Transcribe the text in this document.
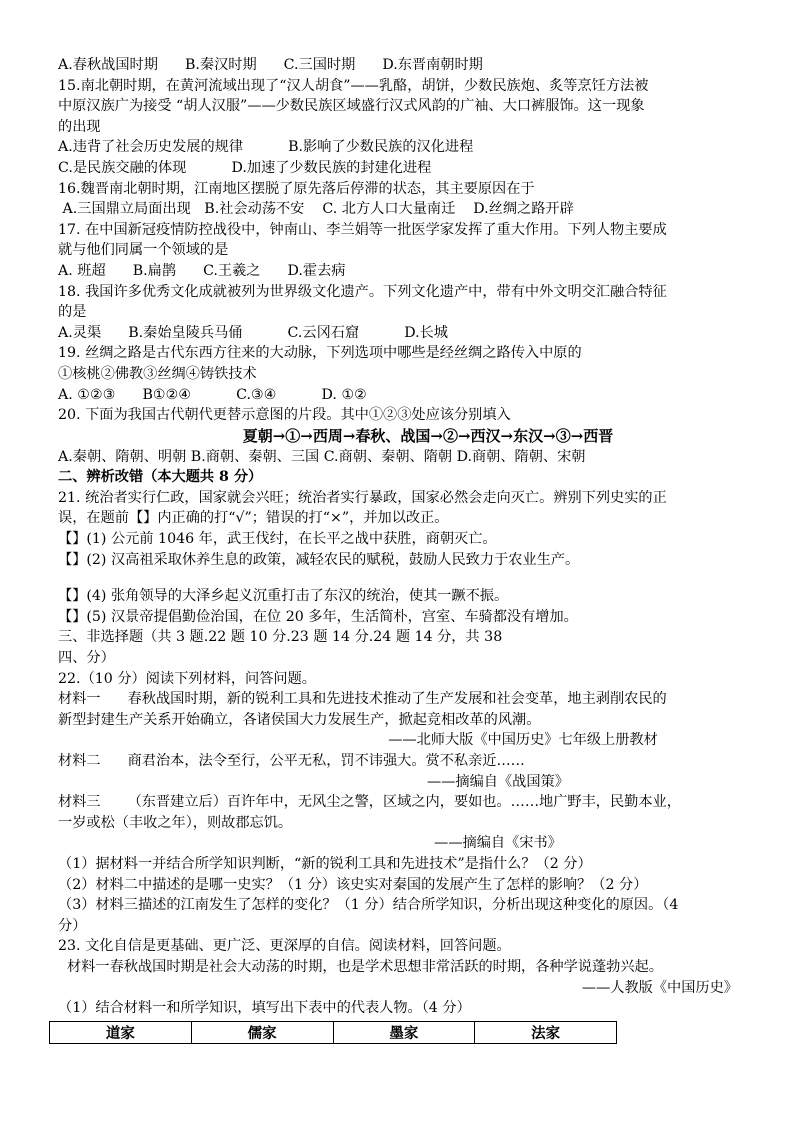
A.春秋战国时期      B.秦汉时期      C.三国时期      D.东晋南朝时期
15.南北朝时期，在黄河流域出现了“汉人胡食”——乳酪，胡饼，少数民族炮、炙等烹饪方法被
中原汉族广为接受 “胡人汉服”——少数民族区域盛行汉式风韵的广袖、大口裤服饰。这一现象
的出现
A.违背了社会历史发展的规律          B.影响了少数民族的汉化进程
C.是民族交融的体现          D.加速了少数民族的封建化进程
16.魏晋南北朝时期，江南地区摆脱了原先落后停滞的状态，其主要原因在于
A.三国鼎立局面出现   B.社会动荡不安    C. 北方人口大量南迁    D.丝绸之路开辟
17. 在中国新冠疫情防控战役中，钟南山、李兰娟等一批医学家发挥了重大作用。下列人物主要成
就与他们同属一个领域的是
A. 班超      B.扁鹊      C.王羲之      D.霍去病
18. 我国许多优秀文化成就被列为世界级文化遗产。下列文化遗产中，带有中外文明交汇融合特征
的是
A.灵渠      B.秦始皇陵兵马俑          C.云冈石窟          D.长城
19. 丝绸之路是古代东西方往来的大动脉，下列选项中哪些是经丝绸之路传入中原的
①核桃②佛教③丝绸④铸铁技术
A. ①②③      B①②④          C.③④          D. ①②
20. 下面为我国古代朝代更替示意图的片段。其中①②③处应该分别填入
夏朝→①→西周→春秋、战国→②→西汉→东汉→③→西晋
A.秦朝、隋朝、明朝 B.商朝、秦朝、三国 C.商朝、秦朝、隋朝 D.商朝、隋朝、宋朝
二、辨析改错（本大题共 8 分）
21. 统治者实行仁政，国家就会兴旺；统治者实行暴政，国家必然会走向灭亡。辨别下列史实的正
误，在题前【】内正确的打“√”；错误的打“×”，并加以改正。
【】(1) 公元前 1046 年，武王伐纣，在长平之战中获胜，商朝灭亡。
【】(2) 汉高祖采取休养生息的政策，减轻农民的赋税，鼓励人民致力于农业生产。
【】(4) 张角领导的大泽乡起义沉重打击了东汉的统治，使其一蹶不振。
【】(5) 汉景帝提倡勤俭治国，在位 20 多年，生活简朴，宫室、车骑都没有增加。
三、非选择题（共 3 题.22 题 10 分.23 题 14 分.24 题 14 分，共 38
四、分）
22.（10 分）阅读下列材料，问答问题。
材料一      春秋战国时期，新的锐利工具和先进技术推动了生产发展和社会变革，地主剥削农民的
新型封建生产关系开始确立，各诸侯国大力发展生产，掀起竞相改革的风潮。
——北师大版《中国历史》七年级上册教材
材料二      商君治本，法令至行，公平无私，罚不讳强大。赏不私亲近……
——摘编自《战国策》
材料三      （东晋建立后）百许年中，无风尘之警，区域之内，要如也。……地广野丰，民勤本业，
一岁或松（丰收之年），则故郡忘饥。
——摘编自《宋书》
（1）据材料一并结合所学知识判断，“新的锐利工具和先进技术”是指什么？（2 分）
（2）材料二中描述的是哪一史实？（1 分）该史实对秦国的发展产生了怎样的影响？（2 分）
（3）材料三描述的江南发生了怎样的变化？（1 分）结合所学知识，分析出现这种变化的原因。（4
分）
23. 文化自信是更基础、更广泛、更深厚的自信。阅读材料，回答问题。
材料一春秋战国时期是社会大动荡的时期，也是学术思想非常活跃的时期，各种学说蓬勃兴起。
——人教版《中国历史》
（1）结合材料一和所学知识，填写出下表中的代表人物。（4 分）
道家	儒家	墨家	法家
